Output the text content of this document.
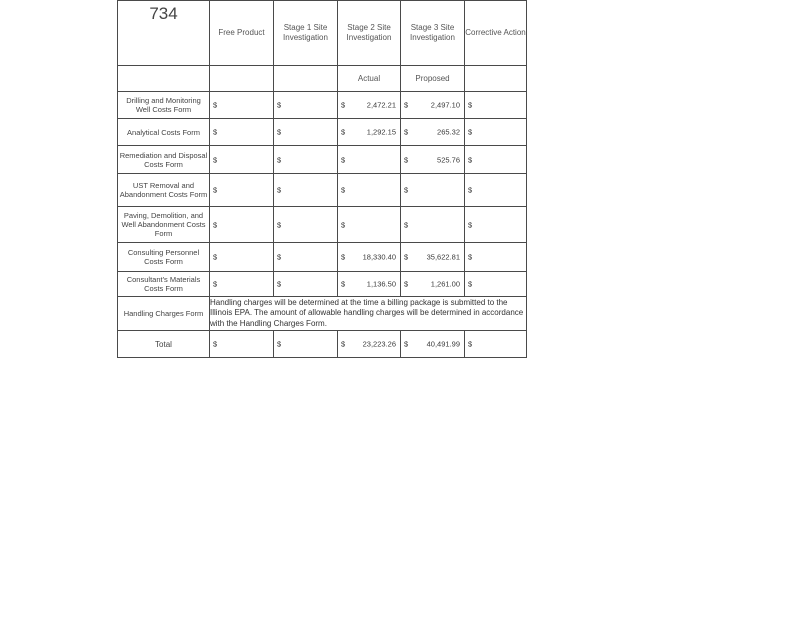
734	Free Product	Stage 1 Site Investigation	Stage 2 Site Investigation	Stage 3 Site Investigation	Corrective Action
			Actual	Proposed	
Drilling and Monitoring Well Costs Form	$	$	$ 2,472.21	$ 2,497.10	$

Analytical Costs Form	$	$	$ 1,292.15	$ 265.32	$

Remediation and Disposal Costs Form	$	$	$	$ 525.76	$

UST Removal and Abandonment Costs Form	$	$	$	$	$

Paving, Demolition, and Well Abandonment Costs Form	$	$	$	$	$

Consulting Personnel Costs Form	$	$	$ 18,330.40	$ 35,622.81	$

Consultant's Materials Costs Form	$	$	$ 1,136.50	$ 1,261.00	$

Handling Charges Form	Handling charges will be determined at the time a billing package is submitted to the Illinois EPA. The amount of allowable handling charges will be determined in accordance with the Handling Charges Form.				
Total	$	$	$ 23,223.26	$ 40,491.99	$
